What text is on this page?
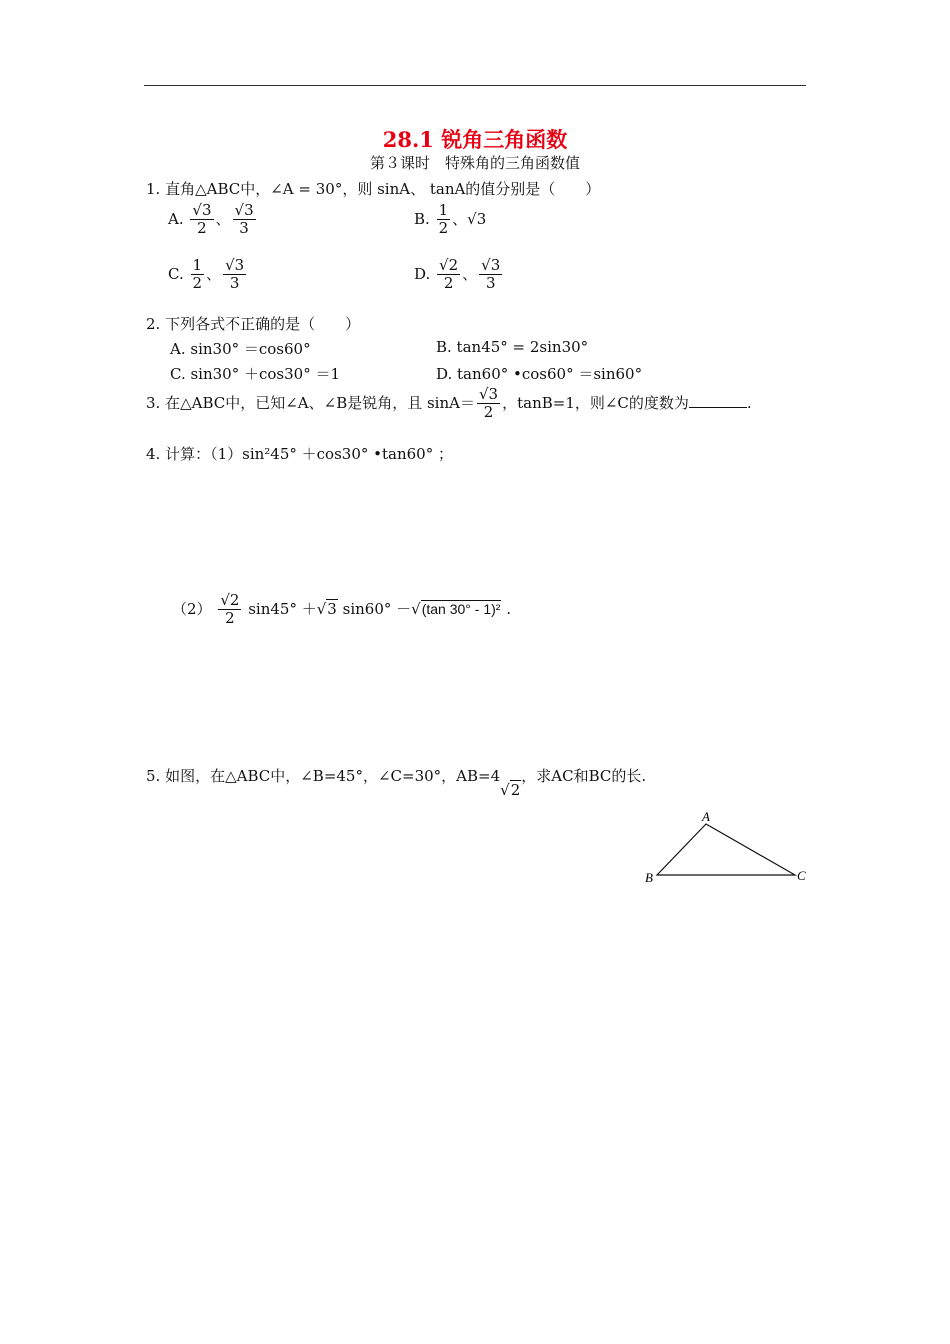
28.1 锐角三角函数
第３课时　特殊角的三角函数值
1. 直角△ABC中，∠A = 30°，则 sinA、 tanA的值分别是（　　）
A. $\frac{√3}{2}$ 、 $\frac{√3}{3}$	B. $\frac{1}{2}$ 、√3
C. $\frac{1}{2}$ 、 $\frac{√3}{3}$	D. $\frac{√2}{2}$ 、 $\frac{√3}{3}$
2. 下列各式不正确的是（　　）
A. sin30° ＝cos60°	B. tan45° = 2sin30°
C. sin30° ＋cos30° ＝1	D. tan60° •cos60° ＝sin60°
3. 在△ABC中，已知∠A、∠B是锐角，且 $\sin A= \frac{√3}{2}$ ，tanB=1，则∠C的度数为	.
4. 计算：（1）sin²45° ＋cos30° •tan60° ；
$(2) \frac{√2}{2} \sin 45^\circ +√3$ sin60° －√(tan 30° - 1)² .
5. 如图，在△ABC中，∠B=45°，∠C=30°，AB=4√2，求AC和BC的长.
A
B	C
